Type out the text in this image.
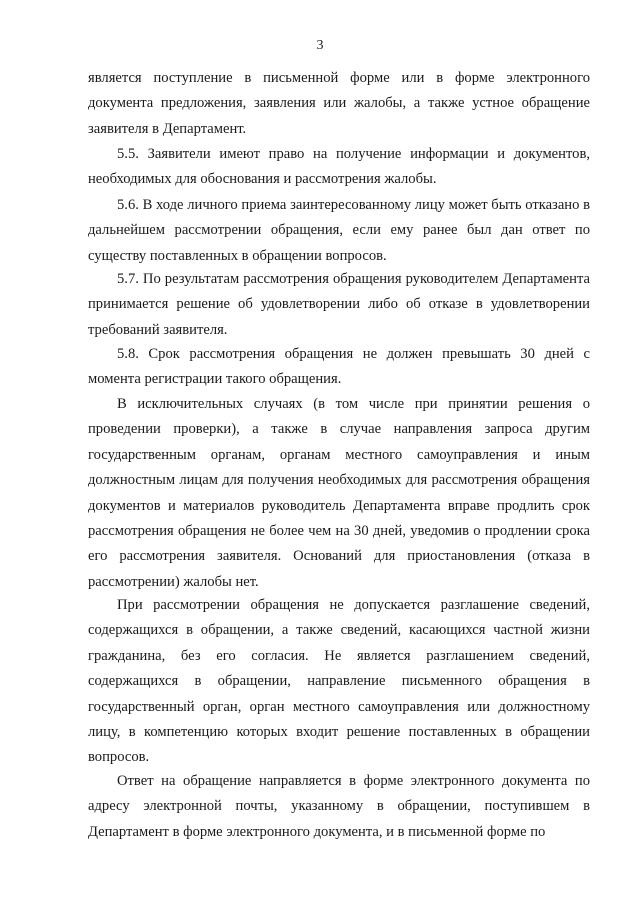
3

является поступление в письменной форме или в форме электронного документа предложения, заявления или жалобы, а также устное обращение заявителя в Департамент.

5.5. Заявители имеют право на получение информации и документов, необходимых для обоснования и рассмотрения жалобы.

5.6. В ходе личного приема заинтересованному лицу может быть отказано в дальнейшем рассмотрении обращения, если ему ранее был дан ответ по существу поставленных в обращении вопросов.

5.7. По результатам рассмотрения обращения руководителем Департамента принимается решение об удовлетворении либо об отказе в удовлетворении требований заявителя.

5.8. Срок рассмотрения обращения не должен превышать 30 дней с момента регистрации такого обращения.

В исключительных случаях (в том числе при принятии решения о проведении проверки), а также в случае направления запроса другим государственным органам, органам местного самоуправления и иным должностным лицам для получения необходимых для рассмотрения обращения документов и материалов руководитель Департамента вправе продлить срок рассмотрения обращения не более чем на 30 дней, уведомив о продлении срока его рассмотрения заявителя. Оснований для приостановления (отказа в рассмотрении) жалобы нет.

При рассмотрении обращения не допускается разглашение сведений, содержащихся в обращении, а также сведений, касающихся частной жизни гражданина, без его согласия. Не является разглашением сведений, содержащихся в обращении, направление письменного обращения в государственный орган, орган местного самоуправления или должностному лицу, в компетенцию которых входит решение поставленных в обращении вопросов.

Ответ на обращение направляется в форме электронного документа по адресу электронной почты, указанному в обращении, поступившем в Департамент в форме электронного документа, и в письменной форме по
